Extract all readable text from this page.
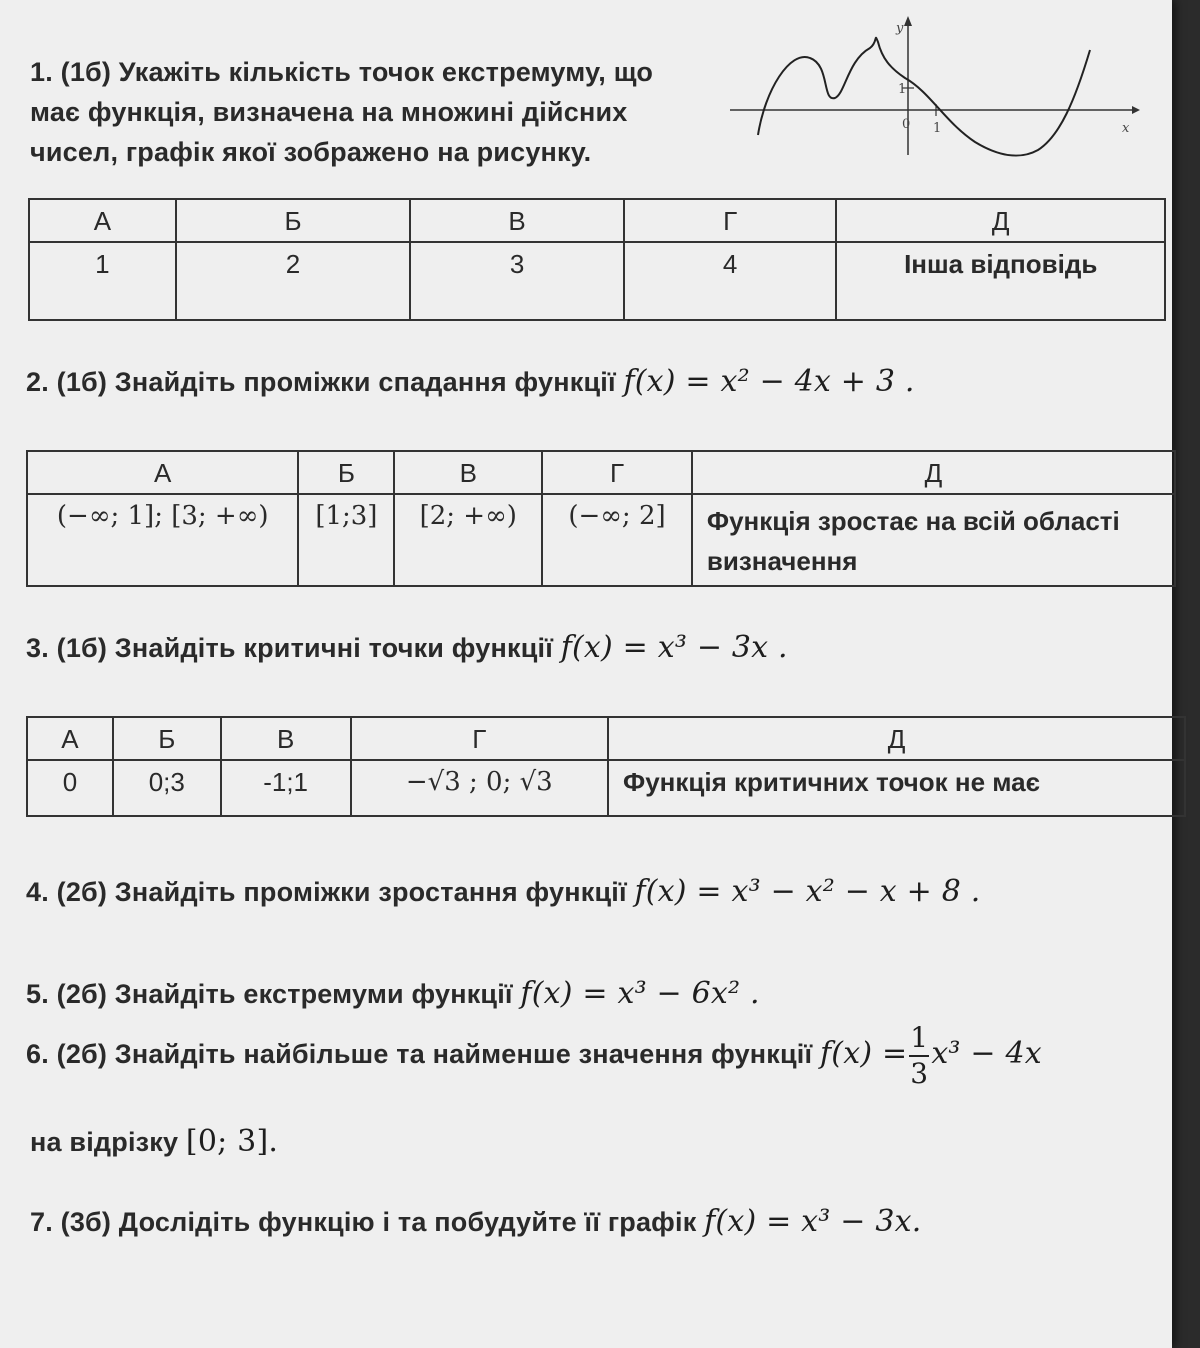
1. (1б) Укажіть кількість точок екстремуму, що
має функція, визначена на множині дійсних
чисел, графік якої зображено на рисунку.
y
x
1
1
0
А	Б	В	Г	Д
1	2	3	4	Інша відповідь
2. (1б) Знайдіть проміжки спадання функції f(x) = x² − 4x + 3 .
А	Б	В	Г	Д
(−∞; 1]; [3; +∞)	[1;3]	[2; +∞)	(−∞; 2]	Функція зростає на всій області визначення
3. (1б) Знайдіть критичні точки функції f(x) = x³ − 3x .
А	Б	В	Г	Д
0	0;3	-1;1	−√3 ; 0; √3	Функція критичних точок не має
4. (2б) Знайдіть проміжки зростання функції f(x) = x³ − x² − x + 8 .
5. (2б) Знайдіть екстремуми функції f(x) = x³ − 6x² .
6. (2б) Знайдіть найбільше та найменше значення функції $f(x) = \frac{1}{3} x^3 - 4x$
на відрізку [0; 3].
7. (3б) Дослідіть функцію і та побудуйте її графік f(x) = x³ − 3x.
